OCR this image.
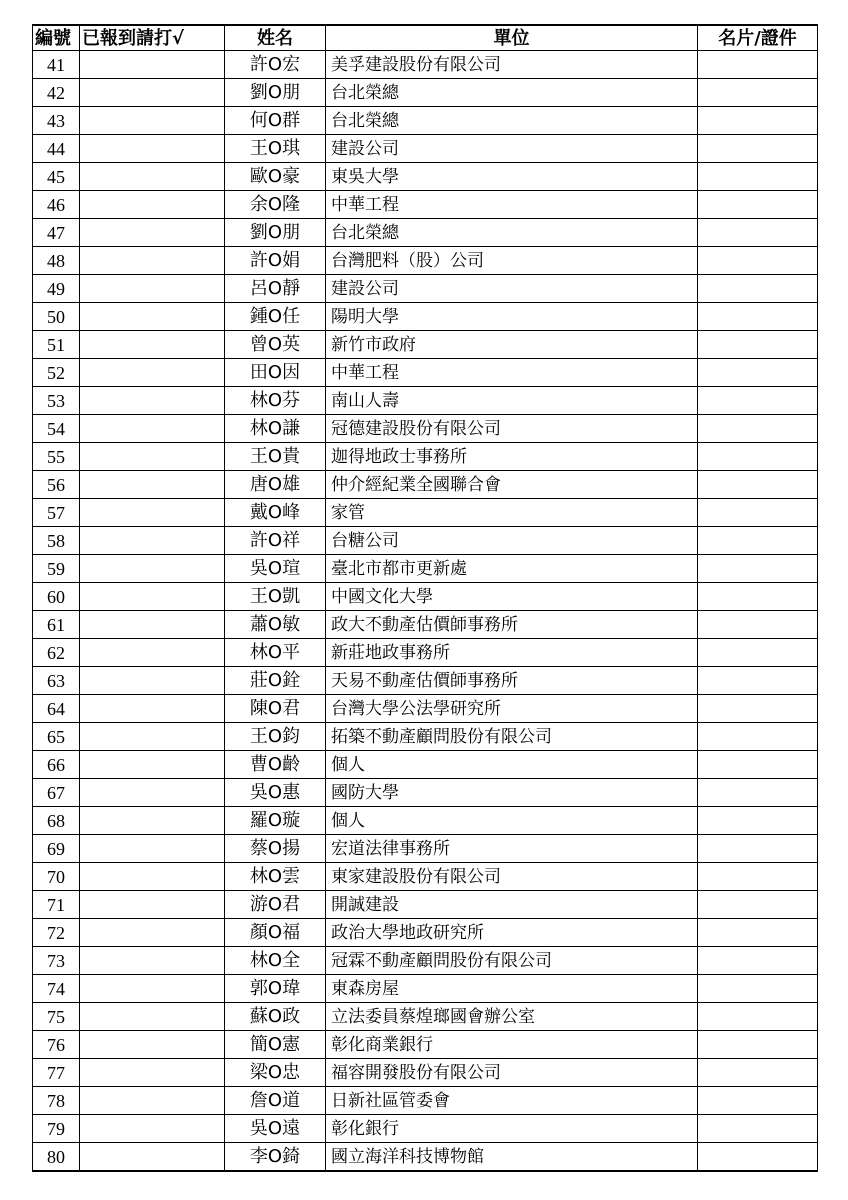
編號	已報到請打√	姓名	單位	名片/證件
41		許O宏	美孚建設股份有限公司	
42		劉O朋	台北榮總	
43		何O群	台北榮總	
44		王O琪	建設公司	
45		歐O豪	東吳大學	
46		余O隆	中華工程	
47		劉O朋	台北榮總	
48		許O娟	台灣肥料（股）公司	
49		呂O靜	建設公司	
50		鍾O任	陽明大學	
51		曾O英	新竹市政府	
52		田O因	中華工程	
53		林O芬	南山人壽	
54		林O謙	冠德建設股份有限公司	
55		王O貴	迦得地政士事務所	
56		唐O雄	仲介經紀業全國聯合會	
57		戴O峰	家管	
58		許O祥	台糖公司	
59		吳O瑄	臺北市都市更新處	
60		王O凱	中國文化大學	
61		蕭O敏	政大不動產估價師事務所	
62		林O平	新莊地政事務所	
63		莊O銓	天易不動產估價師事務所	
64		陳O君	台灣大學公法學研究所	
65		王O鈞	拓築不動產顧問股份有限公司	
66		曹O齡	個人	
67		吳O惠	國防大學	
68		羅O璇	個人	
69		蔡O揚	宏道法律事務所	
70		林O雲	東家建設股份有限公司	
71		游O君	開誠建設	
72		顏O福	政治大學地政研究所	
73		林O全	冠霖不動產顧問股份有限公司	
74		郭O瑋	東森房屋	
75		蘇O政	立法委員蔡煌瑯國會辦公室	
76		簡O憲	彰化商業銀行	
77		梁O忠	福容開發股份有限公司	
78		詹O道	日新社區管委會	
79		吳O遠	彰化銀行	
80		李O錡	國立海洋科技博物館	
